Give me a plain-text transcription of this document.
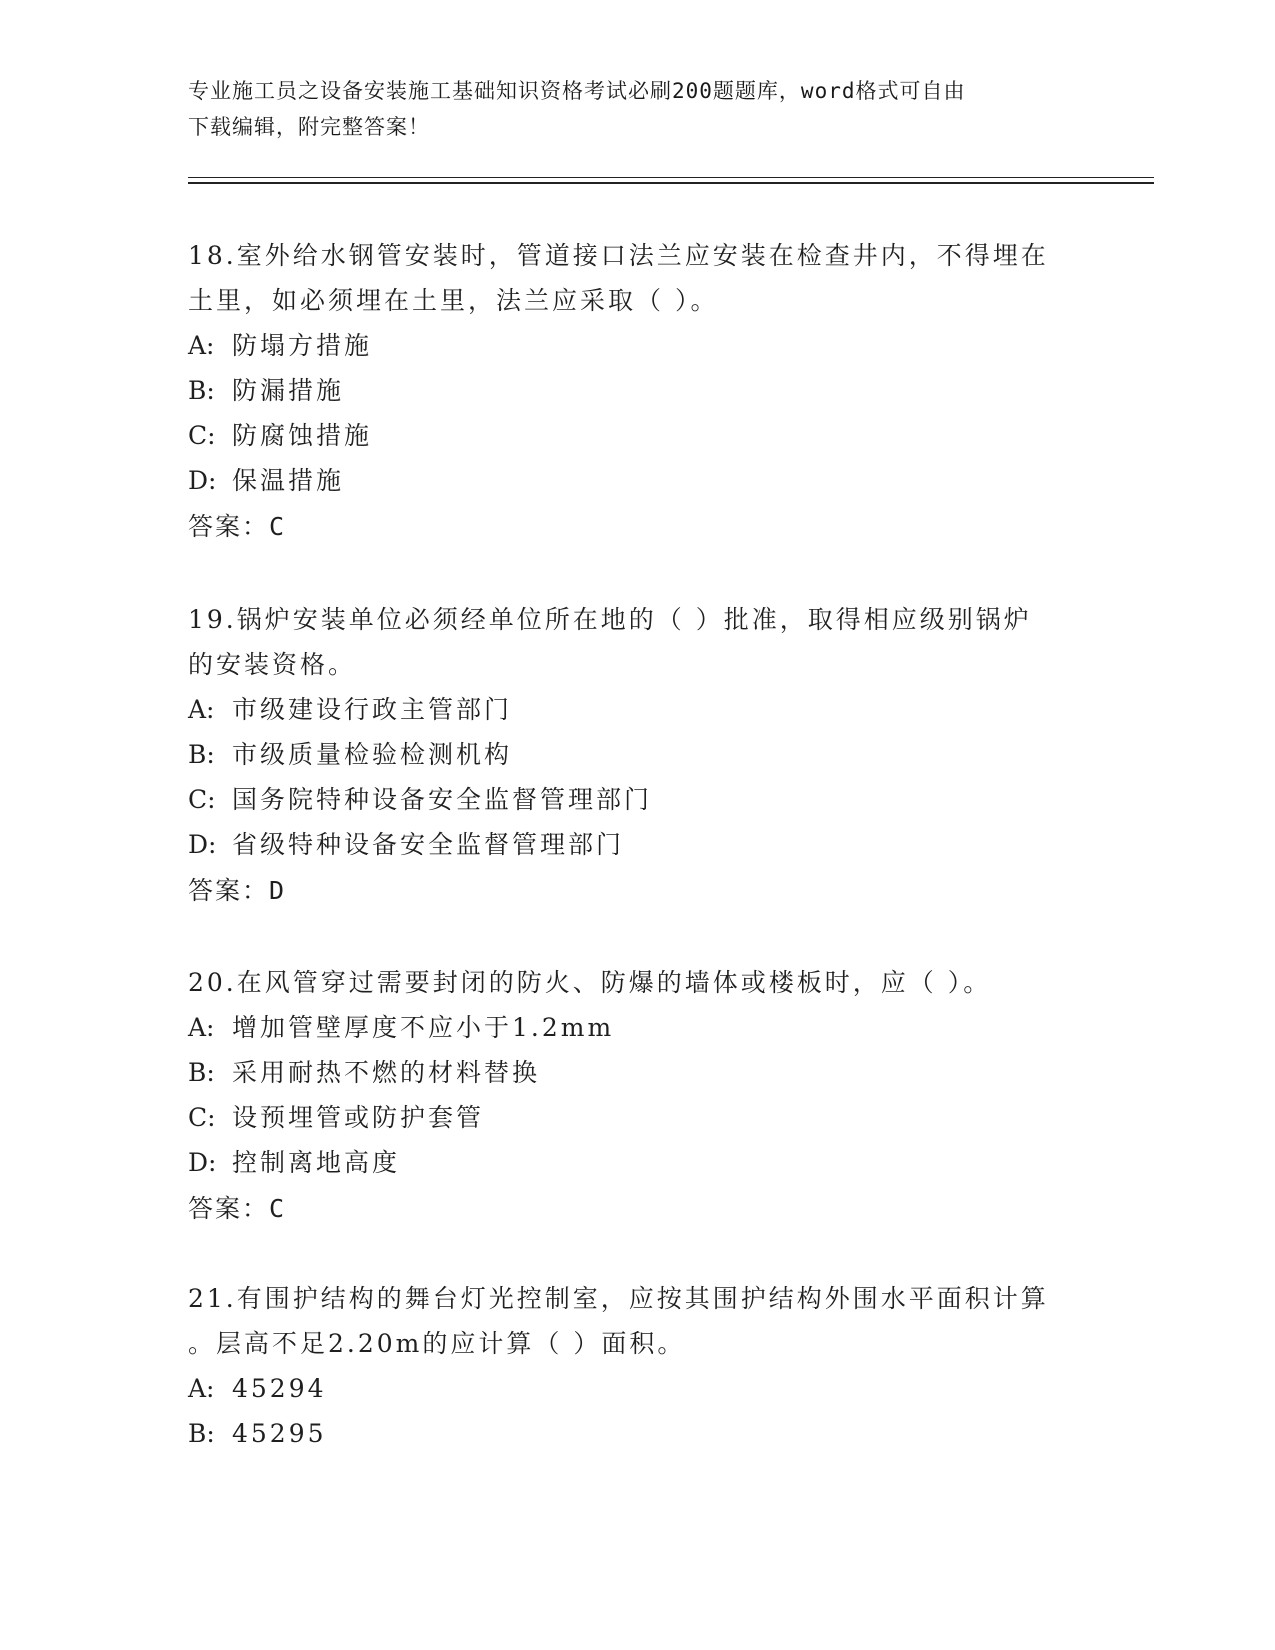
专业施工员之设备安装施工基础知识资格考试必刷200题题库，word格式可自由
下载编辑，附完整答案！

18.室外给水钢管安装时，管道接口法兰应安装在检查井内，不得埋在
土里，如必须埋在土里，法兰应采取（ ）。

A: 防塌方措施

B: 防漏措施

C: 防腐蚀措施

D: 保温措施

答案：C

19.锅炉安装单位必须经单位所在地的（ ）批准，取得相应级别锅炉
的安装资格。

A: 市级建设行政主管部门

B: 市级质量检验检测机构

C: 国务院特种设备安全监督管理部门

D: 省级特种设备安全监督管理部门

答案：D

20.在风管穿过需要封闭的防火、防爆的墙体或楼板时，应（ ）。

A: 增加管壁厚度不应小于1.2mm

B: 采用耐热不燃的材料替换

C: 设预埋管或防护套管

D: 控制离地高度

答案：C

21.有围护结构的舞台灯光控制室，应按其围护结构外围水平面积计算
。层高不足2.20m的应计算（ ）面积。

A: 45294

B: 45295
